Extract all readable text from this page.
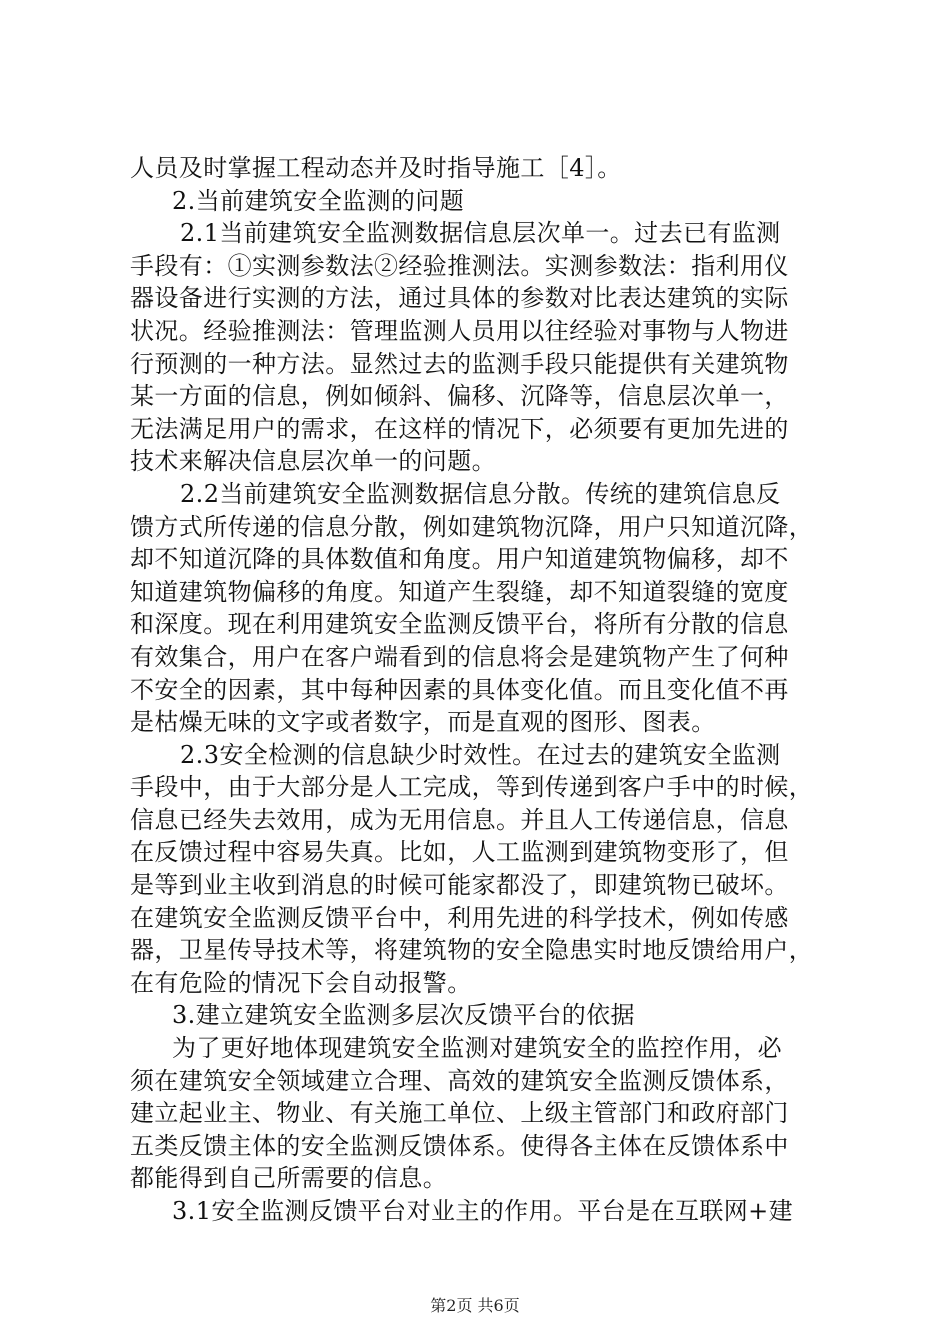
人员及时掌握工程动态并及时指导施工［4］。
2.当前建筑安全监测的问题
2.1当前建筑安全监测数据信息层次单一。过去已有监测
手段有：①实测参数法②经验推测法。实测参数法：指利用仪
器设备进行实测的方法，通过具体的参数对比表达建筑的实际
状况。经验推测法：管理监测人员用以往经验对事物与人物进
行预测的一种方法。显然过去的监测手段只能提供有关建筑物
某一方面的信息，例如倾斜、偏移、沉降等，信息层次单一，
无法满足用户的需求，在这样的情况下，必须要有更加先进的
技术来解决信息层次单一的问题。
2.2当前建筑安全监测数据信息分散。传统的建筑信息反
馈方式所传递的信息分散，例如建筑物沉降，用户只知道沉降，
却不知道沉降的具体数值和角度。用户知道建筑物偏移，却不
知道建筑物偏移的角度。知道产生裂缝，却不知道裂缝的宽度
和深度。现在利用建筑安全监测反馈平台，将所有分散的信息
有效集合，用户在客户端看到的信息将会是建筑物产生了何种
不安全的因素，其中每种因素的具体变化值。而且变化值不再
是枯燥无味的文字或者数字，而是直观的图形、图表。
2.3安全检测的信息缺少时效性。在过去的建筑安全监测
手段中，由于大部分是人工完成，等到传递到客户手中的时候，
信息已经失去效用，成为无用信息。并且人工传递信息，信息
在反馈过程中容易失真。比如，人工监测到建筑物变形了，但
是等到业主收到消息的时候可能家都没了，即建筑物已破坏。
在建筑安全监测反馈平台中，利用先进的科学技术，例如传感
器，卫星传导技术等，将建筑物的安全隐患实时地反馈给用户，
在有危险的情况下会自动报警。
3.建立建筑安全监测多层次反馈平台的依据
为了更好地体现建筑安全监测对建筑安全的监控作用，必
须在建筑安全领域建立合理、高效的建筑安全监测反馈体系，
建立起业主、物业、有关施工单位、上级主管部门和政府部门
五类反馈主体的安全监测反馈体系。使得各主体在反馈体系中
都能得到自己所需要的信息。
3.1安全监测反馈平台对业主的作用。平台是在互联网+建
第2页 共6页
